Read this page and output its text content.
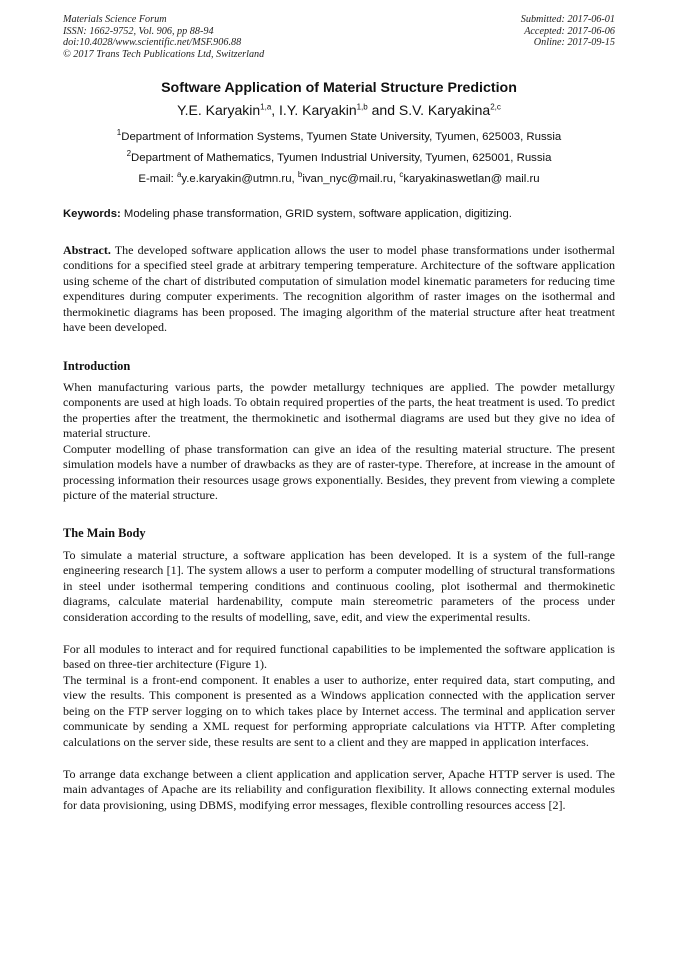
Materials Science Forum
ISSN: 1662-9752, Vol. 906, pp 88-94
doi:10.4028/www.scientific.net/MSF.906.88
© 2017 Trans Tech Publications Ltd, Switzerland
Submitted: 2017-06-01
Accepted: 2017-06-06
Online: 2017-09-15
Software Application of Material Structure Prediction
Y.E. Karyakin$^{1,a}$, I.Y. Karyakin$^{1,b}$ and S.V. Karyakina$^{2,c}$
$^1$Department of Information Systems, Tyumen State University, Tyumen, 625003, Russia
$^2$Department of Mathematics, Tyumen Industrial University, Tyumen, 625001, Russia
E-mail: $^a$y.e.karyakin@utmn.ru, $^b$ivan_nyc@mail.ru, $^c$karyakinaswetlan@ mail.ru
Keywords: Modeling phase transformation, GRID system, software application, digitizing.
Abstract. The developed software application allows the user to model phase transformations under isothermal conditions for a specified steel grade at arbitrary tempering temperature. Architecture of the software application using scheme of the chart of distributed computation of simulation model kinematic parameters for reducing time expenditures during computer experiments. The recognition algorithm of raster images on the isothermal and thermokinetic diagrams has been proposed. The imaging algorithm of the material structure after heat treatment have been developed.
Introduction
When manufacturing various parts, the powder metallurgy techniques are applied. The powder metallurgy components are used at high loads. To obtain required properties of the parts, the heat treatment is used. To predict the properties after the treatment, the thermokinetic and isothermal diagrams are used but they give no idea of material structure.
Computer modelling of phase transformation can give an idea of the resulting material structure. The present simulation models have a number of drawbacks as they are of raster-type. Therefore, at increase in the amount of processing information their resources usage grows exponentially. Besides, they prevent from viewing a complete picture of the material structure.
The Main Body
To simulate a material structure, a software application has been developed. It is a system of the full-range engineering research [1]. The system allows a user to perform a computer modelling of structural transformations in steel under isothermal tempering conditions and continuous cooling, plot isothermal and thermokinetic diagrams, calculate material hardenability, compute main stereometric parameters of the process under consideration according to the results of modelling, save, edit, and view the experimental results.
For all modules to interact and for required functional capabilities to be implemented the software application is based on three-tier architecture (Figure 1).
The terminal is a front-end component. It enables a user to authorize, enter required data, start computing, and view the results. This component is presented as a Windows application connected with the application server being on the FTP server logging on to which takes place by Internet access. The terminal and application server communicate by sending a XML request for performing appropriate calculations via HTTP. After completing calculations on the server side, these results are sent to a client and they are mapped in application interfaces.
To arrange data exchange between a client application and application server, Apache HTTP server is used. The main advantages of Apache are its reliability and configuration flexibility. It allows connecting external modules for data provisioning, using DBMS, modifying error messages, flexible controlling resources access [2].
